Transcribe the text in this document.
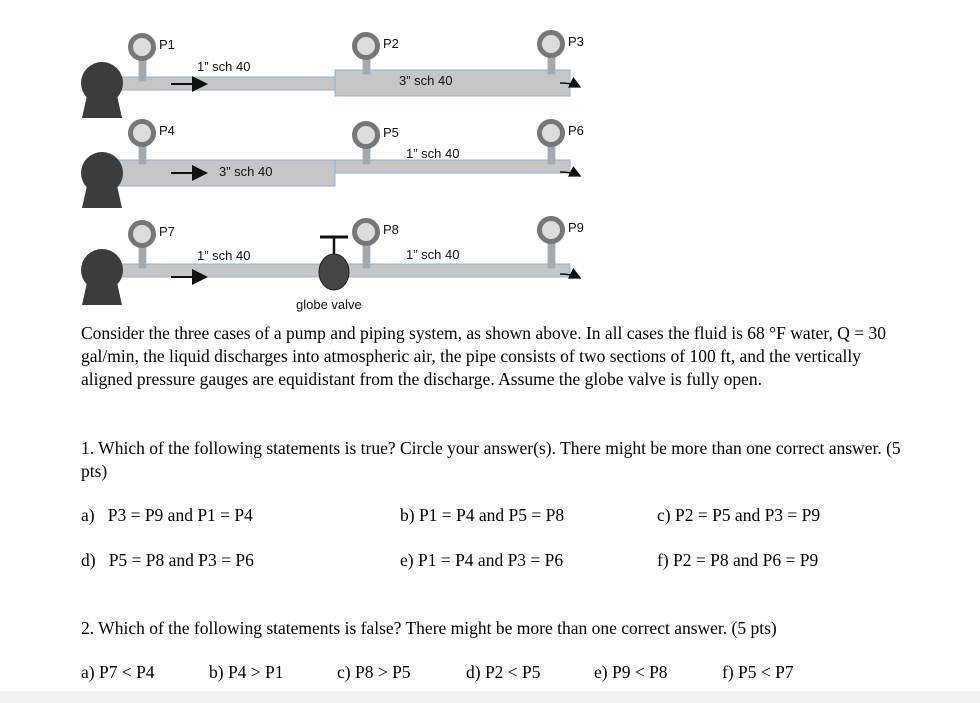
P1	P2	P3
1” sch 40
3” sch 40
P4	P5	P6
3” sch 40
1” sch 40
P7	P8	P9
1” sch 40	1” sch 40
globe valve
Consider the three cases of a pump and piping system, as shown above. In all cases the fluid is 68 °F water, Q = 30 gal/min, the liquid discharges into atmospheric air, the pipe consists of two sections of 100 ft, and the vertically aligned pressure gauges are equidistant from the discharge. Assume the globe valve is fully open.
1. Which of the following statements is true? Circle your answer(s). There might be more than one correct answer. (5 pts)
a)   P3 = P9 and P1 = P4	b) P1 = P4 and P5 = P8	c) P2 = P5 and P3 = P9
d)   P5 = P8 and P3 = P6	e) P1 = P4 and P3 = P6	f) P2 = P8 and P6 = P9
2. Which of the following statements is false? There might be more than one correct answer. (5 pts)
a) P7 < P4	b) P4 > P1	c) P8 > P5	d) P2 < P5	e) P9 < P8	f) P5 < P7
